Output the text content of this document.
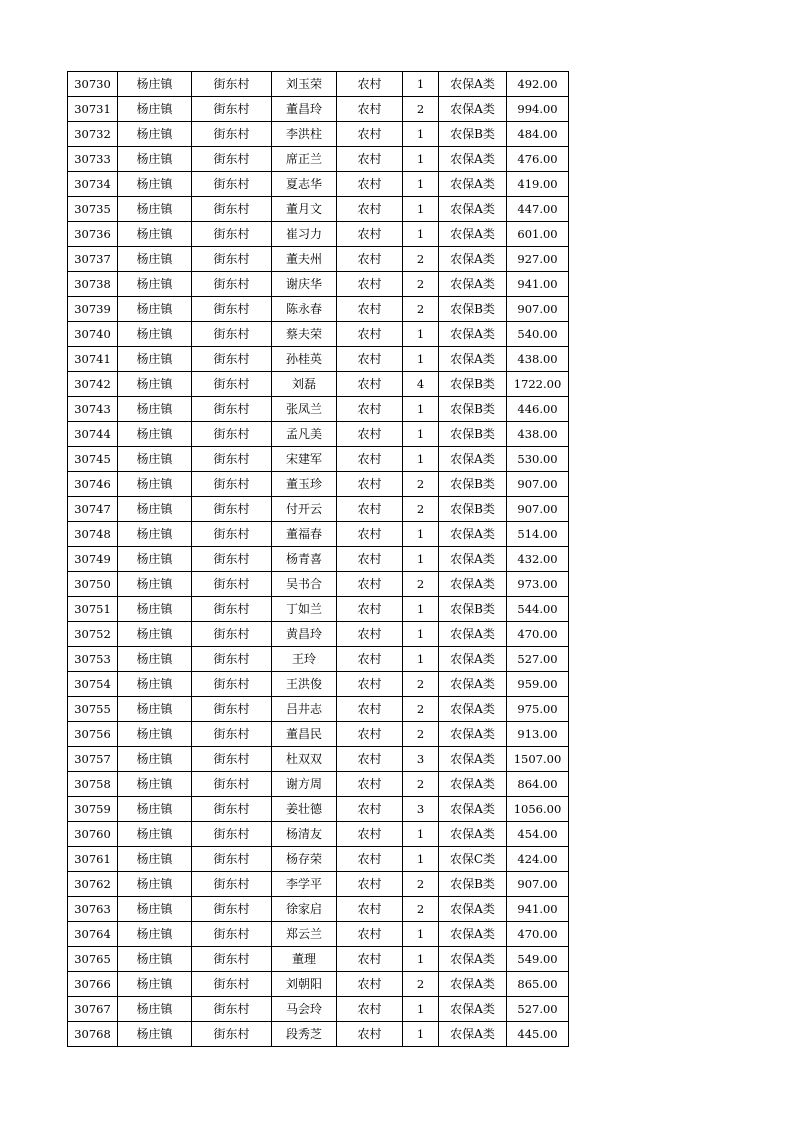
30730	杨庄镇	街东村	刘玉荣	农村	1	农保A类	492.00
30731	杨庄镇	街东村	董昌玲	农村	2	农保A类	994.00
30732	杨庄镇	街东村	李洪柱	农村	1	农保B类	484.00
30733	杨庄镇	街东村	席正兰	农村	1	农保A类	476.00
30734	杨庄镇	街东村	夏志华	农村	1	农保A类	419.00
30735	杨庄镇	街东村	董月文	农村	1	农保A类	447.00
30736	杨庄镇	街东村	崔习力	农村	1	农保A类	601.00
30737	杨庄镇	街东村	董夫州	农村	2	农保A类	927.00
30738	杨庄镇	街东村	谢庆华	农村	2	农保A类	941.00
30739	杨庄镇	街东村	陈永春	农村	2	农保B类	907.00
30740	杨庄镇	街东村	蔡夫荣	农村	1	农保A类	540.00
30741	杨庄镇	街东村	孙桂英	农村	1	农保A类	438.00
30742	杨庄镇	街东村	刘磊	农村	4	农保B类	1722.00
30743	杨庄镇	街东村	张凤兰	农村	1	农保B类	446.00
30744	杨庄镇	街东村	孟凡美	农村	1	农保B类	438.00
30745	杨庄镇	街东村	宋建军	农村	1	农保A类	530.00
30746	杨庄镇	街东村	董玉珍	农村	2	农保B类	907.00
30747	杨庄镇	街东村	付开云	农村	2	农保B类	907.00
30748	杨庄镇	街东村	董福春	农村	1	农保A类	514.00
30749	杨庄镇	街东村	杨青喜	农村	1	农保A类	432.00
30750	杨庄镇	街东村	吴书合	农村	2	农保A类	973.00
30751	杨庄镇	街东村	丁如兰	农村	1	农保B类	544.00
30752	杨庄镇	街东村	黄昌玲	农村	1	农保A类	470.00
30753	杨庄镇	街东村	王玲	农村	1	农保A类	527.00
30754	杨庄镇	街东村	王洪俊	农村	2	农保A类	959.00
30755	杨庄镇	街东村	吕井志	农村	2	农保A类	975.00
30756	杨庄镇	街东村	董昌民	农村	2	农保A类	913.00
30757	杨庄镇	街东村	杜双双	农村	3	农保A类	1507.00
30758	杨庄镇	街东村	谢方周	农村	2	农保A类	864.00
30759	杨庄镇	街东村	姜壮德	农村	3	农保A类	1056.00
30760	杨庄镇	街东村	杨清友	农村	1	农保A类	454.00
30761	杨庄镇	街东村	杨存荣	农村	1	农保C类	424.00
30762	杨庄镇	街东村	李学平	农村	2	农保B类	907.00
30763	杨庄镇	街东村	徐家启	农村	2	农保A类	941.00
30764	杨庄镇	街东村	郑云兰	农村	1	农保A类	470.00
30765	杨庄镇	街东村	董理	农村	1	农保A类	549.00
30766	杨庄镇	街东村	刘朝阳	农村	2	农保A类	865.00
30767	杨庄镇	街东村	马会玲	农村	1	农保A类	527.00
30768	杨庄镇	街东村	段秀芝	农村	1	农保A类	445.00
